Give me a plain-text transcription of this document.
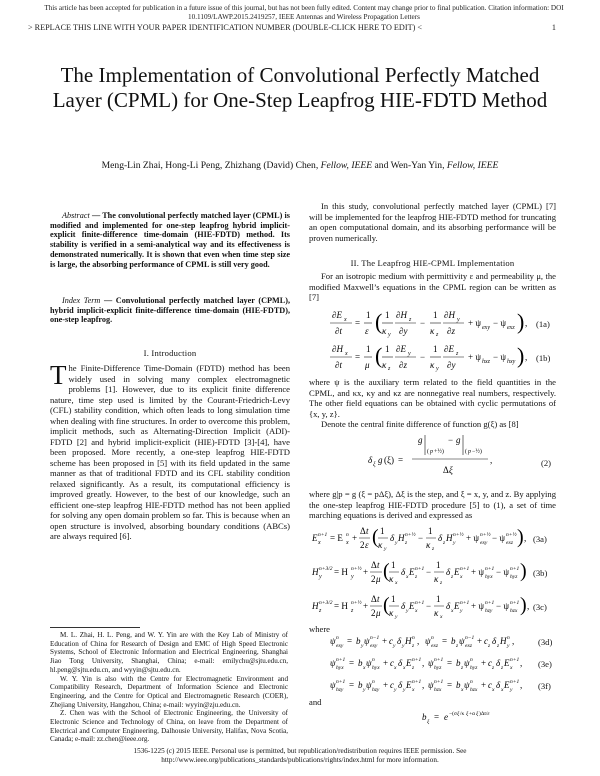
This article has been accepted for publication in a future issue of this journal, but has not been fully edited. Content may change prior to final publication. Citation information: DOI 10.1109/LAWP.2015.2419257, IEEE Antennas and Wireless Propagation Letters
> REPLACE THIS LINE WITH YOUR PAPER IDENTIFICATION NUMBER (DOUBLE-CLICK HERE TO EDIT) <	1
The Implementation of Convolutional Perfectly Matched Layer (CPML) for One-Step Leapfrog HIE-FDTD Method
Meng-Lin Zhai, Hong-Li Peng, Zhizhang (David) Chen, Fellow, IEEE and Wen-Yan Yin, Fellow, IEEE

Abstract — The convolutional perfectly matched layer (CPML) is modified and implemented for one-step leapfrog hybrid implicit-explicit finite-difference time-domain (HIE-FDTD) method. Its stability is verified in a semi-analytical way and its effectiveness is demonstrated numerically. It is shown that even when time step size is large, the absorbing performance of CPML is still very good.

Index Term — Convolutional perfectly matched layer (CPML), hybrid implicit-explicit finite-difference time-domain (HIE-FDTD), one-step leapfrog.

I. Introduction
The Finite-Difference Time-Domain (FDTD) method has been widely used in solving many complex electromagnetic problems [1]. However, due to its explicit finite difference nature, time step used is limited by the Courant-Friedrich-Levy (CFL) stability condition, which often leads to long simulation time when dealing with fine structures. In order to overcome this problem, implicit methods, such as Alternating-Direction Implicit (ADI)-FDTD [2] and hybrid implicit-explicit (HIE)-FDTD [3]-[4], have been proposed. More recently, a one-step leapfrog HIE-FDTD scheme has been proposed in [5] with its field updated in the same manner as that of traditional FDTD and its CFL stability condition relaxed significantly. As a result, its computational efficiency is improved greatly. However, to the best of our knowledge, such an efficient one-step leapfrog HIE-FDTD method has not been applied for solving any open domain problem so far. This is because when an open structure is involved, absorbing boundary conditions (ABCs) are always required [6].

M. L. Zhai, H. L. Peng, and W. Y. Yin are with the Key Lab of Ministry of Education of China for Research of Design and EMC of High Speed Electronic Systems, School of Electronic Information and Electrical Engineering, Shanghai Jiao Tong University, Shanghai, China; e-mail: emilychu@sjtu.edu.cn, hl.peng@sjtu.edu.cn, and wyyin@sjtu.edu.cn.

W. Y. Yin is also with the Centre for Electromagnetic Environment and Compatibility Research, Department of Information Science and Electronic Engineering, and the Centre for Optical and Electromagnetic Research (COER), Zhejiang University, Hangzhou, China; e-mail: wyyin@zju.edu.cn.

Z. Chen was with the School of Electronic Engineering, the University of Electronic Science and Technology of China, on leave from the Department of Electrical and Computer Engineering, Dalhousie University, Halifax, Nova Scotia, Canada; e-mail: zz.chen@ieee.org.

In this study, convolutional perfectly matched layer (CPML) [7] will be implemented for the leapfrog HIE-FDTD method for truncating an open computational domain, and its absorbing performance will be proven numerically.

II. The Leapfrog HIE-CPML Implementation

For an isotropic medium with permittivity ε and permeability μ, the modified Maxwell’s equations in the CPML region can be written as [7]

∂E x
∂t
=
1
ε ( 1
κ y
∂H z
∂y
−
1
κ z
∂H y
∂z
+ ψ exy − ψ exz ) , (1a)
∂H x
∂t
=
1
μ ( 1
κ z
∂E y
∂z
−
1
κ y
∂E z
∂y
+ ψ hxz − ψ hxy ) , (1b)

where ψ is the auxiliary term related to the field quantities in the CPML, and κx, κy and κz are nonnegative real numbers, respectively. The other field equations can be obtained with cyclic permutations of {x, y, z}.

Denote the central finite difference of function g(ξ) as [8]

δ ξ g (ξ) =
g
( p +½)
− g
( p −½)
Δ ξ
,	(2)

where g|p = g (ξ = pΔξ), Δξ is the step, and ξ = x, y, and z. By applying the one-step leapfrog HIE-FDTD procedure [5] to (1), a set of time marching equations is derived and expressed as

E n+1
x = E n
x +
Δ t
2 ε ( 1
κ y
δ y H n+½
z −
1
κ z
δ z H n+½
y + ψ n+½
exy − ψ n+½
exz ) , (3a)
H n+3/2
y = H n+½
y +
Δ t
2 μ ( 1
κ x
δ x E n+1
z −
1
κ z
δ z E n+1
x + ψ n+1
hyx − ψ n+1
hyz ) (3b)
H n+3/2
z = H n+½
z +
Δ t
2 μ ( 1
κ y
δ y E n+1
x −
1
κ x
δ x E n+1
y + ψ n+1
hzy − ψ n+1
hzx ) , (3c)

where

ψ n
exy = b y ψ n−1
exy + c y δ y H n
z , ψ n
exz = b z ψ n−1
exz + c z δ z H n
y ,	(3d)
ψ n+1
hyx = b x ψ n
hyx + c x δ x E n+1
z , ψ n+1
hyz = b z ψ n
hyz + c z δ z E n+1
x , (3e)
ψ n+1
hzy = b y ψ n
hzy + c y δ y E n+1
x , ψ n+1
hzx = b x ψ n
hzx + c x δ x E n+1
y , (3f)

and

b ξ = e −(σ ξ /κ ξ +α ξ )Δt/ε
1536-1225 (c) 2015 IEEE. Personal use is permitted, but republication/redistribution requires IEEE permission. See http://www.ieee.org/publications_standards/publications/rights/index.html for more information.
